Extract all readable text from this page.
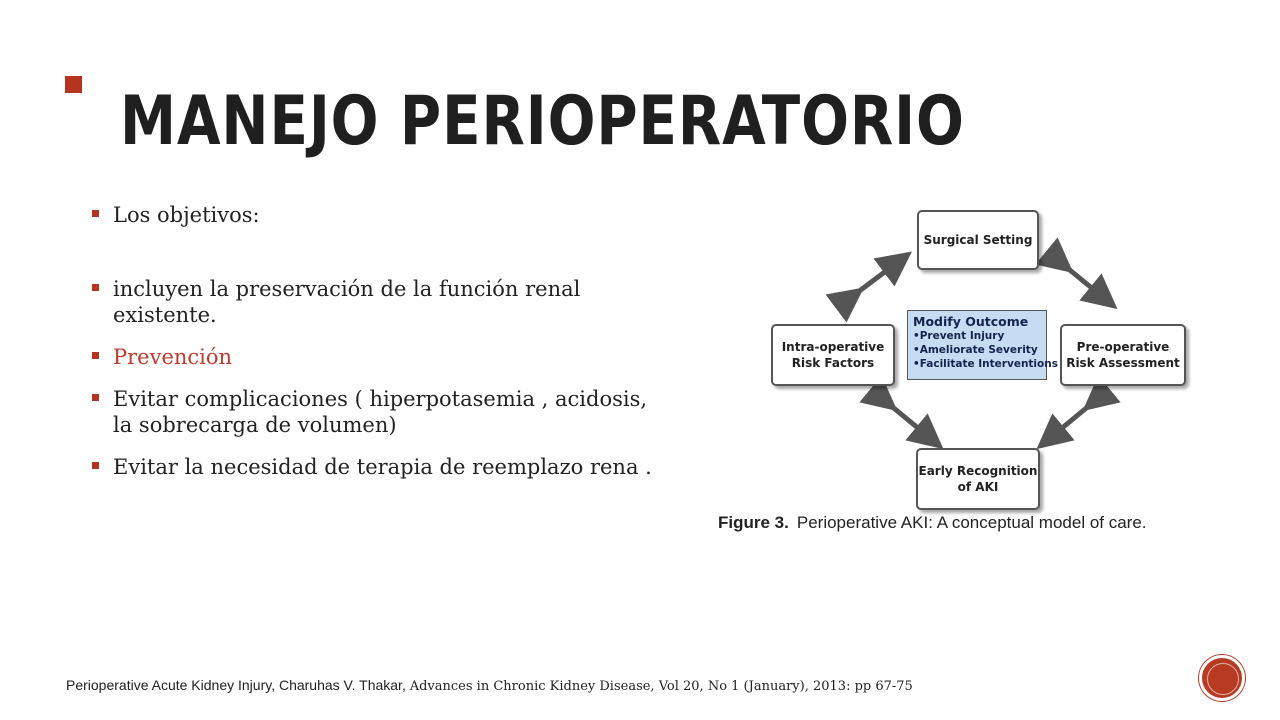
MANEJO PERIOPERATORIO
Los objetivos:
incluyen la preservación de la función renal existente.
Prevención
Evitar complicaciones ( hiperpotasemia , acidosis, la sobrecarga de volumen)
Evitar la necesidad de terapia de reemplazo rena .
Surgical Setting
Intra-operative
Risk Factors
Pre-operative
Risk Assessment
Early Recognition
of AKI
Modify Outcome
•Prevent Injury
•Ameliorate Severity
•Facilitate Interventions
Figure 3. Perioperative AKI: A conceptual model of care.
Perioperative Acute Kidney Injury, Charuhas V. Thakar, Advances in Chronic Kidney Disease, Vol 20, No 1 (January), 2013: pp 67-75
